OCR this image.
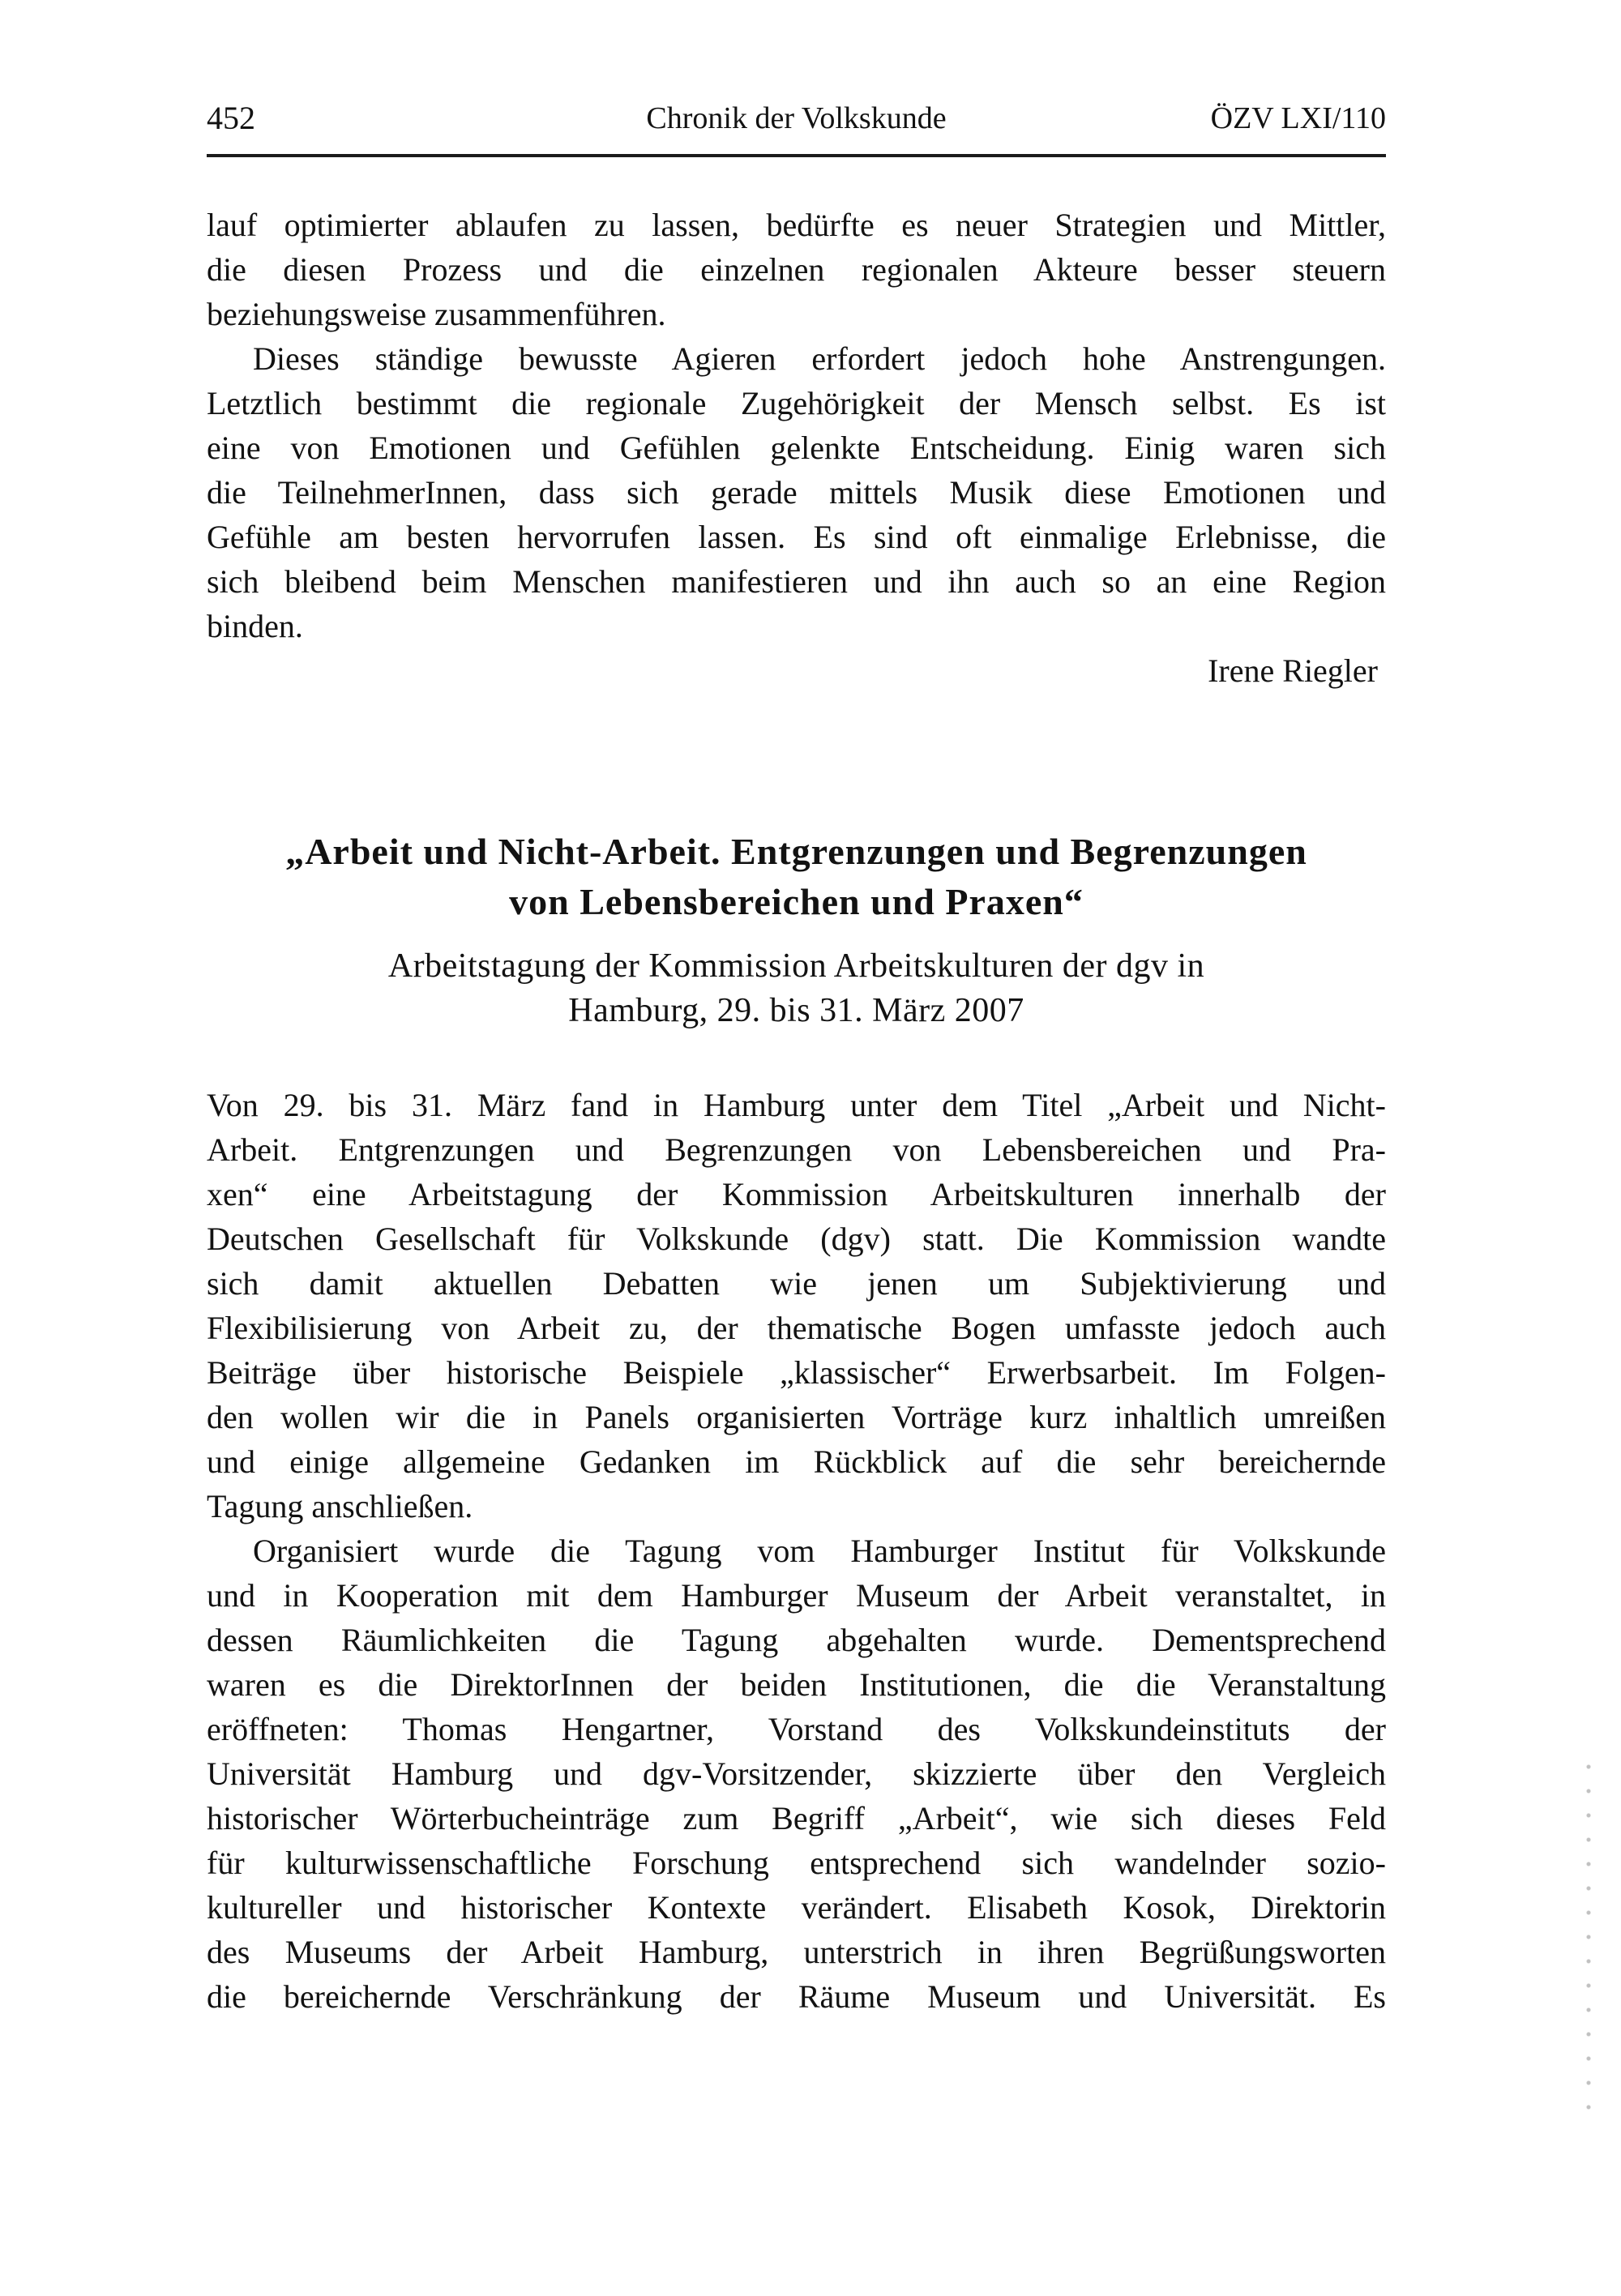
452	Chronik der Volkskunde	ÖZV LXI/110
lauf optimierter ablaufen zu lassen, bedürfte es neuer Strategien und Mittler,
die diesen Prozess und die einzelnen regionalen Akteure besser steuern
beziehungsweise zusammenführen.
Dieses ständige bewusste Agieren erfordert jedoch hohe Anstrengungen.
Letztlich bestimmt die regionale Zugehörigkeit der Mensch selbst. Es ist
eine von Emotionen und Gefühlen gelenkte Entscheidung. Einig waren sich
die TeilnehmerInnen, dass sich gerade mittels Musik diese Emotionen und
Gefühle am besten hervorrufen lassen. Es sind oft einmalige Erlebnisse, die
sich bleibend beim Menschen manifestieren und ihn auch so an eine Region
binden.
Irene Riegler
„Arbeit und Nicht-Arbeit. Entgrenzungen und Begrenzungen
von Lebensbereichen und Praxen“
Arbeitstagung der Kommission Arbeitskulturen der dgv in
Hamburg, 29. bis 31. März 2007
Von 29. bis 31. März fand in Hamburg unter dem Titel „Arbeit und Nicht-
Arbeit. Entgrenzungen und Begrenzungen von Lebensbereichen und Pra-
xen“ eine Arbeitstagung der Kommission Arbeitskulturen innerhalb der
Deutschen Gesellschaft für Volkskunde (dgv) statt. Die Kommission wandte
sich damit aktuellen Debatten wie jenen um Subjektivierung und
Flexibilisierung von Arbeit zu, der thematische Bogen umfasste jedoch auch
Beiträge über historische Beispiele „klassischer“ Erwerbsarbeit. Im Folgen-
den wollen wir die in Panels organisierten Vorträge kurz inhaltlich umreißen
und einige allgemeine Gedanken im Rückblick auf die sehr bereichernde
Tagung anschließen.
Organisiert wurde die Tagung vom Hamburger Institut für Volkskunde
und in Kooperation mit dem Hamburger Museum der Arbeit veranstaltet, in
dessen Räumlichkeiten die Tagung abgehalten wurde. Dementsprechend
waren es die DirektorInnen der beiden Institutionen, die die Veranstaltung
eröffneten: Thomas Hengartner, Vorstand des Volkskundeinstituts der
Universität Hamburg und dgv-Vorsitzender, skizzierte über den Vergleich
historischer Wörterbucheinträge zum Begriff „Arbeit“, wie sich dieses Feld
für kulturwissenschaftliche Forschung entsprechend sich wandelnder sozio-
kultureller und historischer Kontexte verändert. Elisabeth Kosok, Direktorin
des Museums der Arbeit Hamburg, unterstrich in ihren Begrüßungsworten
die bereichernde Verschränkung der Räume Museum und Universität. Es
